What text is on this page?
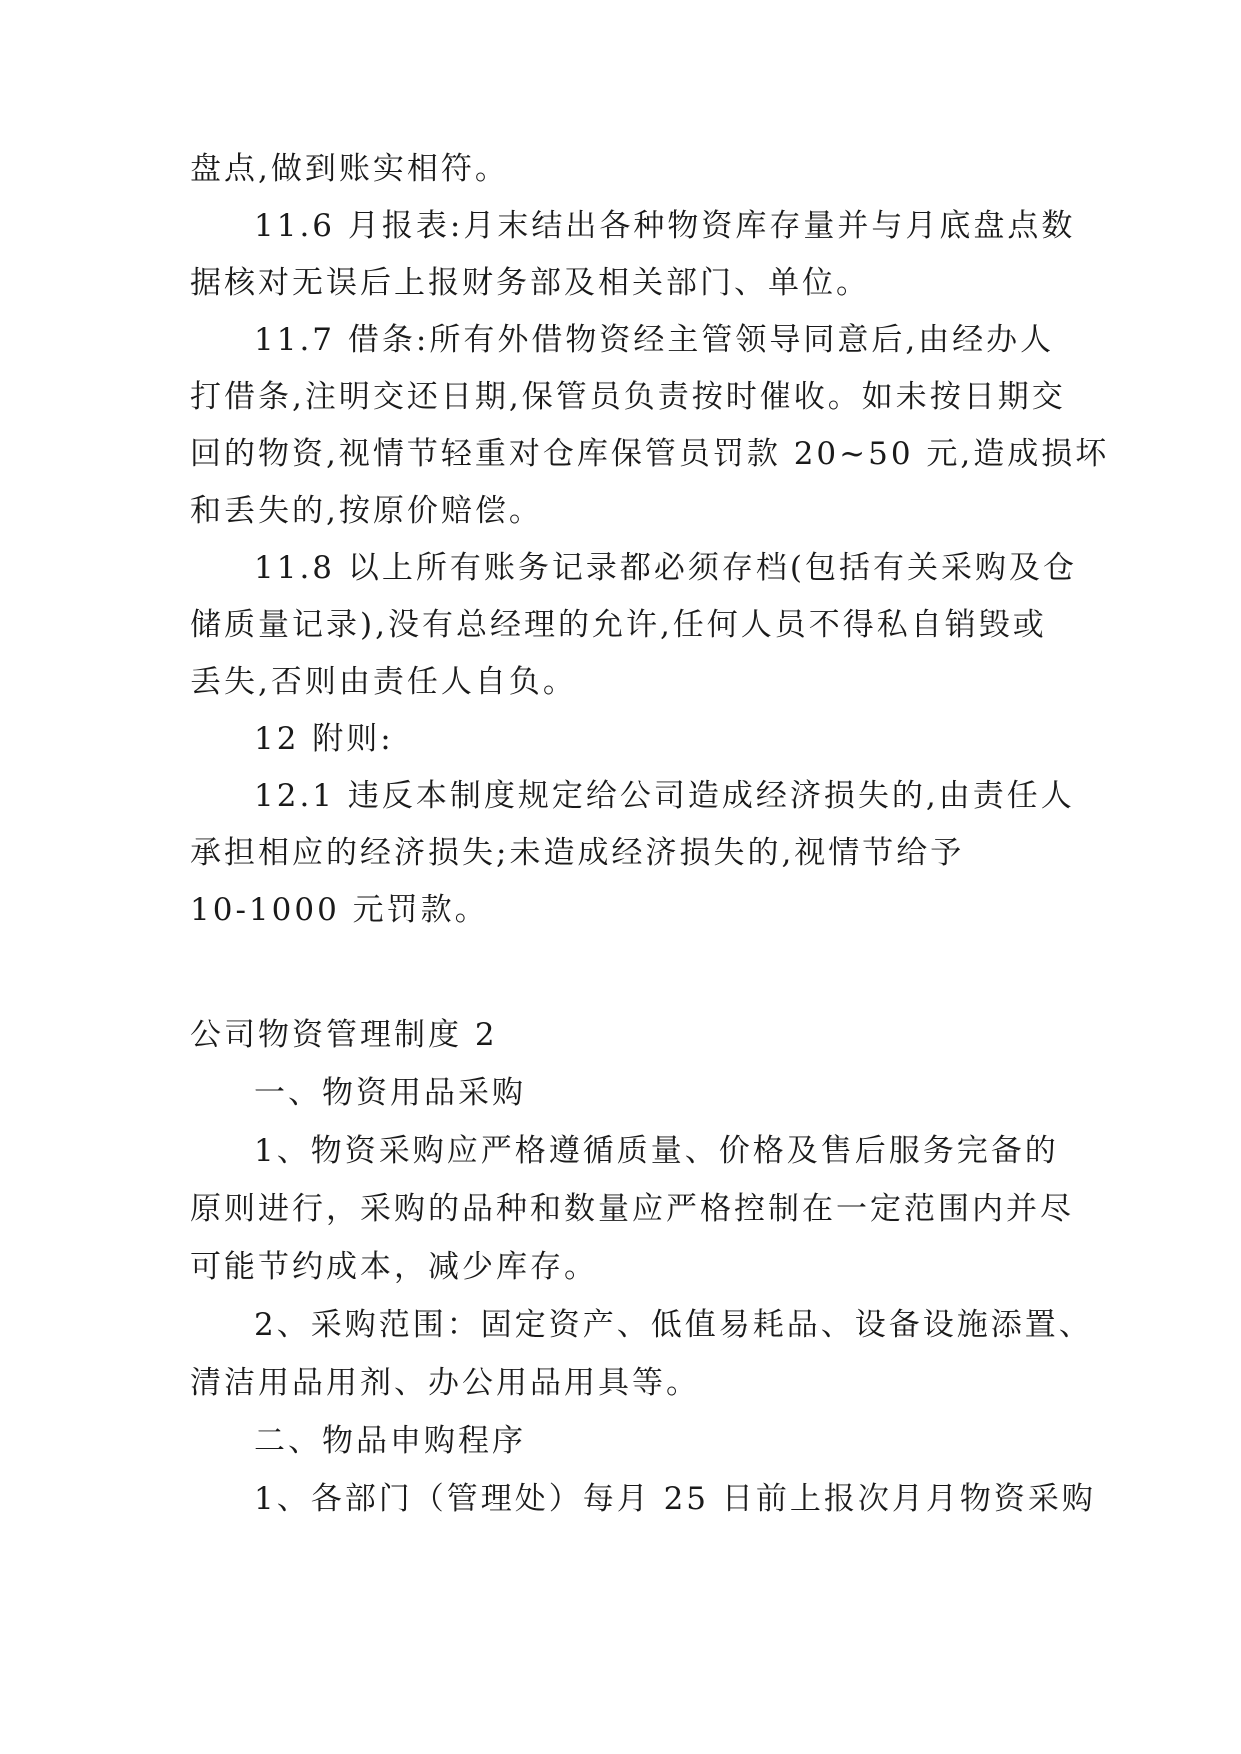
盘点,做到账实相符。

11.6 月报表:月末结出各种物资库存量并与月底盘点数

据核对无误后上报财务部及相关部门、单位。

11.7 借条:所有外借物资经主管领导同意后,由经办人

打借条,注明交还日期,保管员负责按时催收。如未按日期交

回的物资,视情节轻重对仓库保管员罚款 20~50 元,造成损坏

和丢失的,按原价赔偿。

11.8 以上所有账务记录都必须存档(包括有关采购及仓

储质量记录),没有总经理的允许,任何人员不得私自销毁或

丢失,否则由责任人自负。

12 附则:

12.1 违反本制度规定给公司造成经济损失的,由责任人

承担相应的经济损失;未造成经济损失的,视情节给予

10-1000 元罚款。

公司物资管理制度 2

一、物资用品采购

1、物资采购应严格遵循质量、价格及售后服务完备的

原则进行，采购的品种和数量应严格控制在一定范围内并尽

可能节约成本，减少库存。

2、采购范围：固定资产、低值易耗品、设备设施添置、

清洁用品用剂、办公用品用具等。

二、物品申购程序

1、各部门（管理处）每月 25 日前上报次月月物资采购
